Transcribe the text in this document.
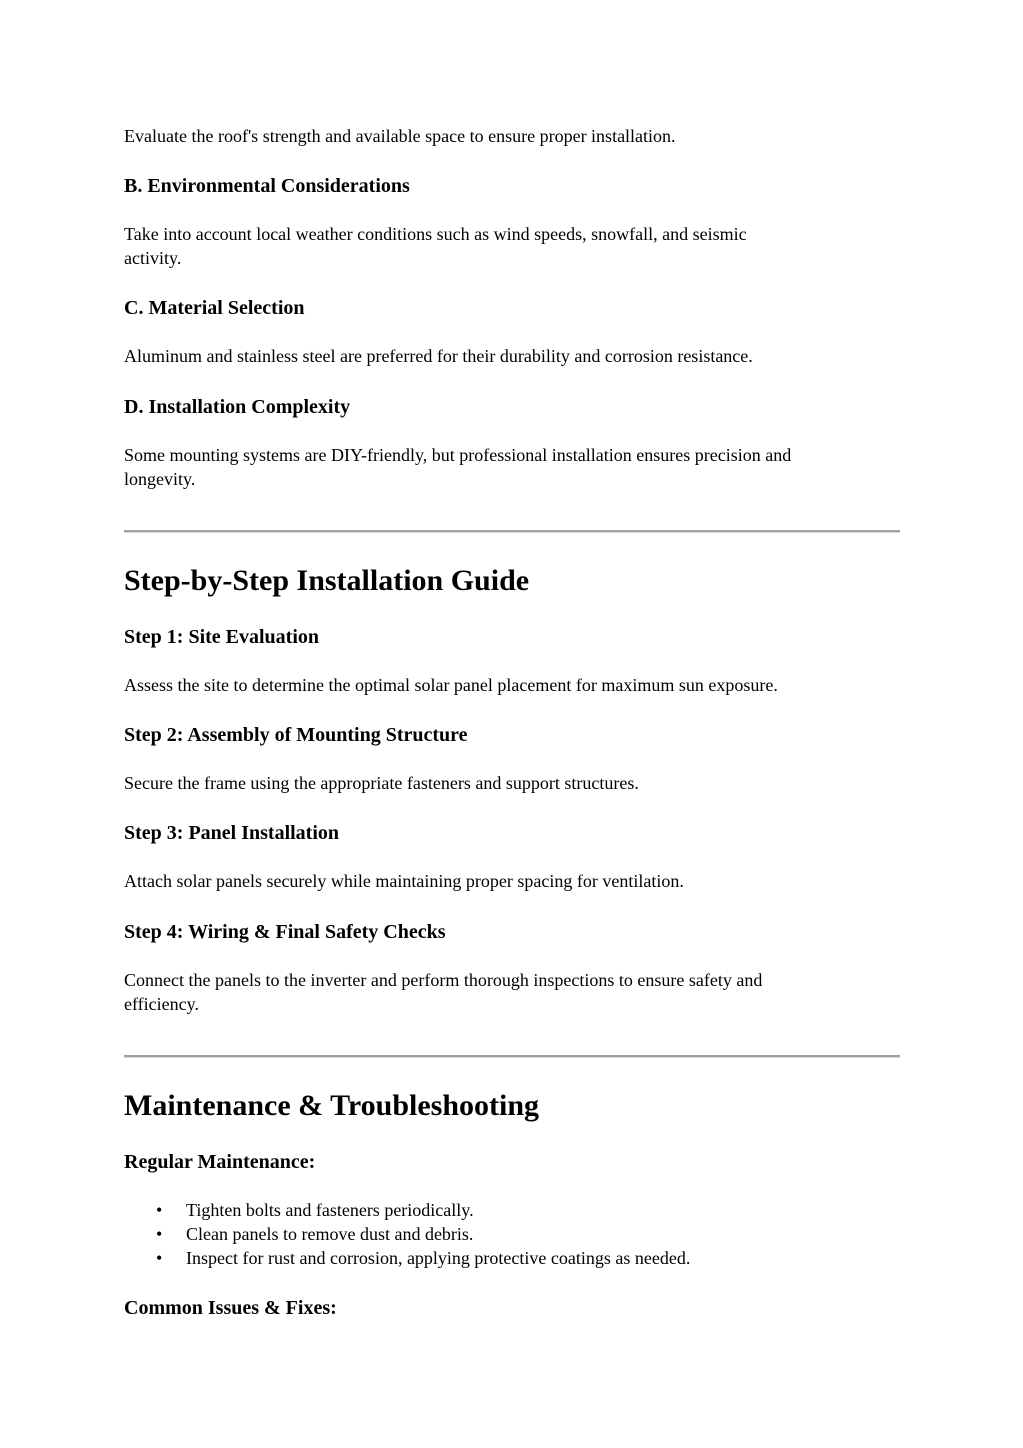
Evaluate the roof's strength and available space to ensure proper installation.

B. Environmental Considerations

Take into account local weather conditions such as wind speeds, snowfall, and seismic

activity.

C. Material Selection

Aluminum and stainless steel are preferred for their durability and corrosion resistance.

D. Installation Complexity

Some mounting systems are DIY-friendly, but professional installation ensures precision and

longevity.

Step-by-Step Installation Guide
Step 1: Site Evaluation

Assess the site to determine the optimal solar panel placement for maximum sun exposure.

Step 2: Assembly of Mounting Structure

Secure the frame using the appropriate fasteners and support structures.

Step 3: Panel Installation

Attach solar panels securely while maintaining proper spacing for ventilation.

Step 4: Wiring & Final Safety Checks

Connect the panels to the inverter and perform thorough inspections to ensure safety and

efficiency.

Maintenance & Troubleshooting
Regular Maintenance:
• Tighten bolts and fasteners periodically.
• Clean panels to remove dust and debris.
• Inspect for rust and corrosion, applying protective coatings as needed.
Common Issues & Fixes:
